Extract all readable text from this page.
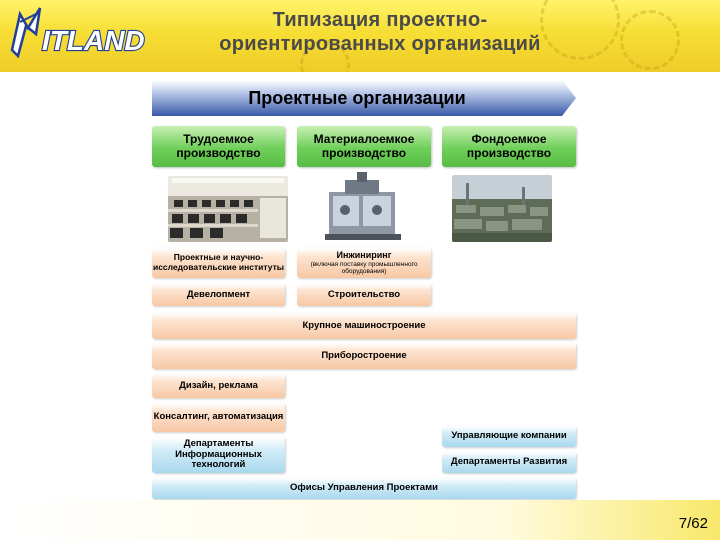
ITLAND
Типизация проектно-
ориентированных организаций
Проектные организации
Трудоемкое производство
Материалоемкое производство
Фондоемкое производство
Проектные и научно-исследовательские институты
Инжиниринг
(включая поставку промышленного оборудования)
Девелопмент	Строительство
Крупное машиностроение
Приборостроение
Дизайн, реклама
Консалтинг, автоматизация
Департаменты Информационных технологий
Управляющие компании
Департаменты Развития
Офисы Управления Проектами
7/62
